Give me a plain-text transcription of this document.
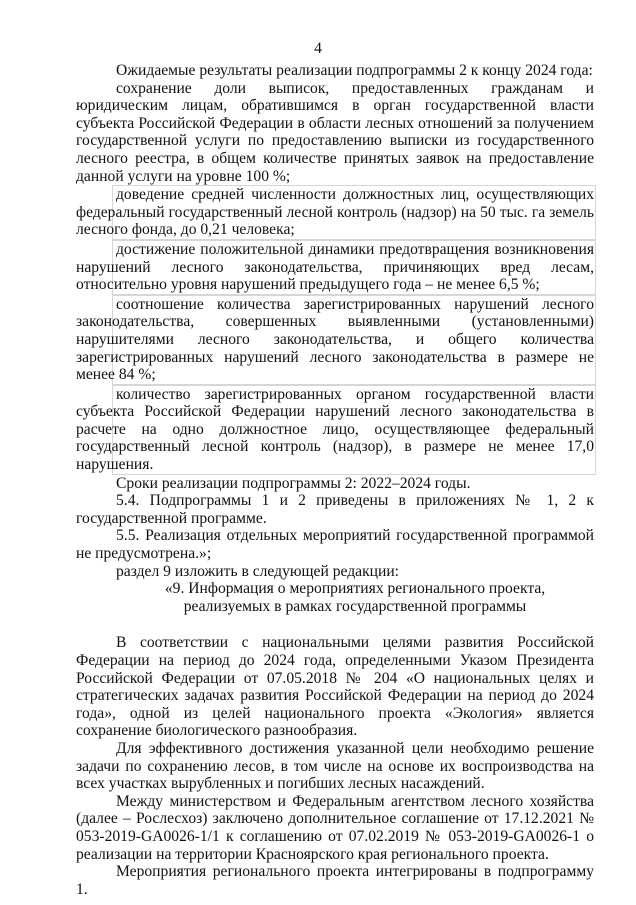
4

Ожидаемые результаты реализации подпрограммы 2 к концу 2024 года:

сохранение доли выписок, предоставленных гражданам и юридическим лицам, обратившимся в орган государственной власти субъекта Российской Федерации в области лесных отношений за получением государственной услуги по предоставлению выписки из государственного лесного реестра, в общем количестве принятых заявок на предоставление данной услуги на уровне 100 %;

доведение средней численности должностных лиц, осуществляющих федеральный государственный лесной контроль (надзор) на 50 тыс. га земель лесного фонда, до 0,21 человека;

достижение положительной динамики предотвращения возникновения нарушений лесного законодательства, причиняющих вред лесам, относительно уровня нарушений предыдущего года – не менее 6,5 %;

соотношение количества зарегистрированных нарушений лесного законодательства, совершенных выявленными (установленными) нарушителями лесного законодательства, и общего количества зарегистрированных нарушений лесного законодательства в размере не менее 84 %;

количество зарегистрированных органом государственной власти субъекта Российской Федерации нарушений лесного законодательства в расчете на одно должностное лицо, осуществляющее федеральный государственный лесной контроль (надзор), в размере не менее 17,0 нарушения.

Сроки реализации подпрограммы 2: 2022–2024 годы.

5.4. Подпрограммы 1 и 2 приведены в приложениях № 1, 2 к государственной программе.

5.5. Реализация отдельных мероприятий государственной программой не предусмотрена.»;

раздел 9 изложить в следующей редакции:

«9. Информация о мероприятиях регионального проекта,

реализуемых в рамках государственной программы

В соответствии с национальными целями развития Российской Федерации на период до 2024 года, определенными Указом Президента Российской Федерации от 07.05.2018 № 204 «О национальных целях и стратегических задачах развития Российской Федерации на период до 2024 года», одной из целей национального проекта «Экология» является сохранение биологического разнообразия.

Для эффективного достижения указанной цели необходимо решение задачи по сохранению лесов, в том числе на основе их воспроизводства на всех участках вырубленных и погибших лесных насаждений.

Между министерством и Федеральным агентством лесного хозяйства (далее – Рослесхоз) заключено дополнительное соглашение от 17.12.2021 № 053-2019-GA0026-1/1 к соглашению от 07.02.2019 № 053-2019-GA0026-1 о реализации на территории Красноярского края регионального проекта.

Мероприятия регионального проекта интегрированы в подпрограмму 1.
